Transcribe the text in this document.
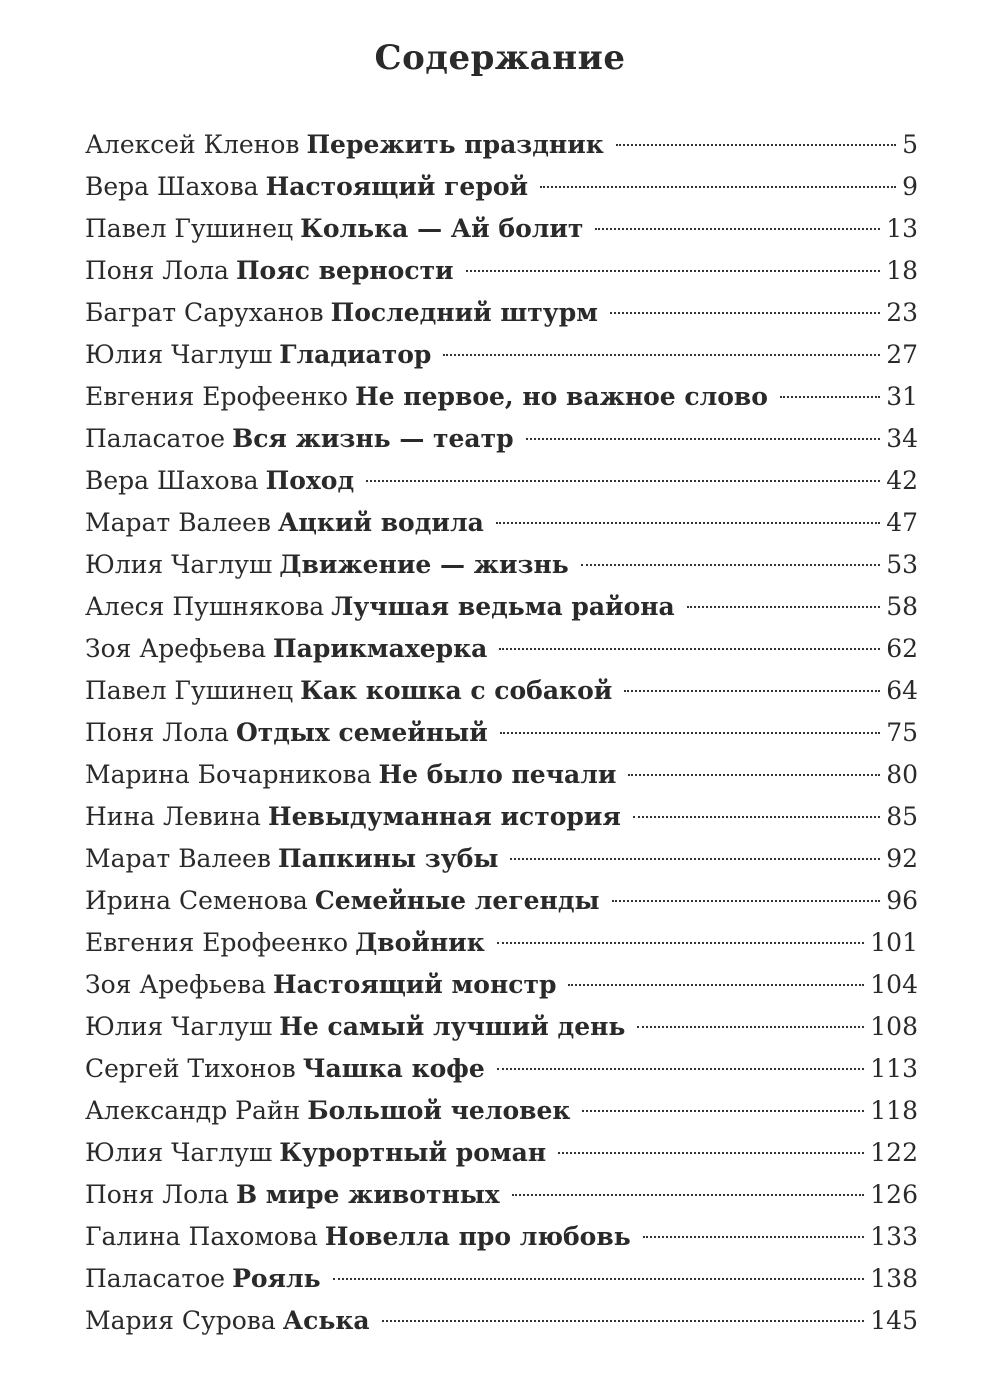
Содержание
Алексей Кленов Пережить праздник	5
Вера Шахова Настоящий герой	9
Павел Гушинец Колька — Ай болит	13
Поня Лола Пояс верности	18
Баграт Саруханов Последний штурм	23
Юлия Чаглуш Гладиатор	27
Евгения Ерофеенко Не первое, но важное слово	31
Паласатое Вся жизнь — театр	34
Вера Шахова Поход	42
Марат Валеев Ацкий водила	47
Юлия Чаглуш Движение — жизнь	53
Алеся Пушнякова Лучшая ведьма района	58
Зоя Арефьева Парикмахерка	62
Павел Гушинец Как кошка с собакой	64
Поня Лола Отдых семейный	75
Марина Бочарникова Не было печали	80
Нина Левина Невыдуманная история	85
Марат Валеев Папкины зубы	92
Ирина Семенова Семейные легенды	96
Евгения Ерофеенко Двойник	101
Зоя Арефьева Настоящий монстр	104
Юлия Чаглуш Не самый лучший день	108
Сергей Тихонов Чашка кофе	113
Александр Райн Большой человек	118
Юлия Чаглуш Курортный роман	122
Поня Лола В мире животных	126
Галина Пахомова Новелла про любовь	133
Паласатое Рояль	138
Мария Сурова Аська	145
